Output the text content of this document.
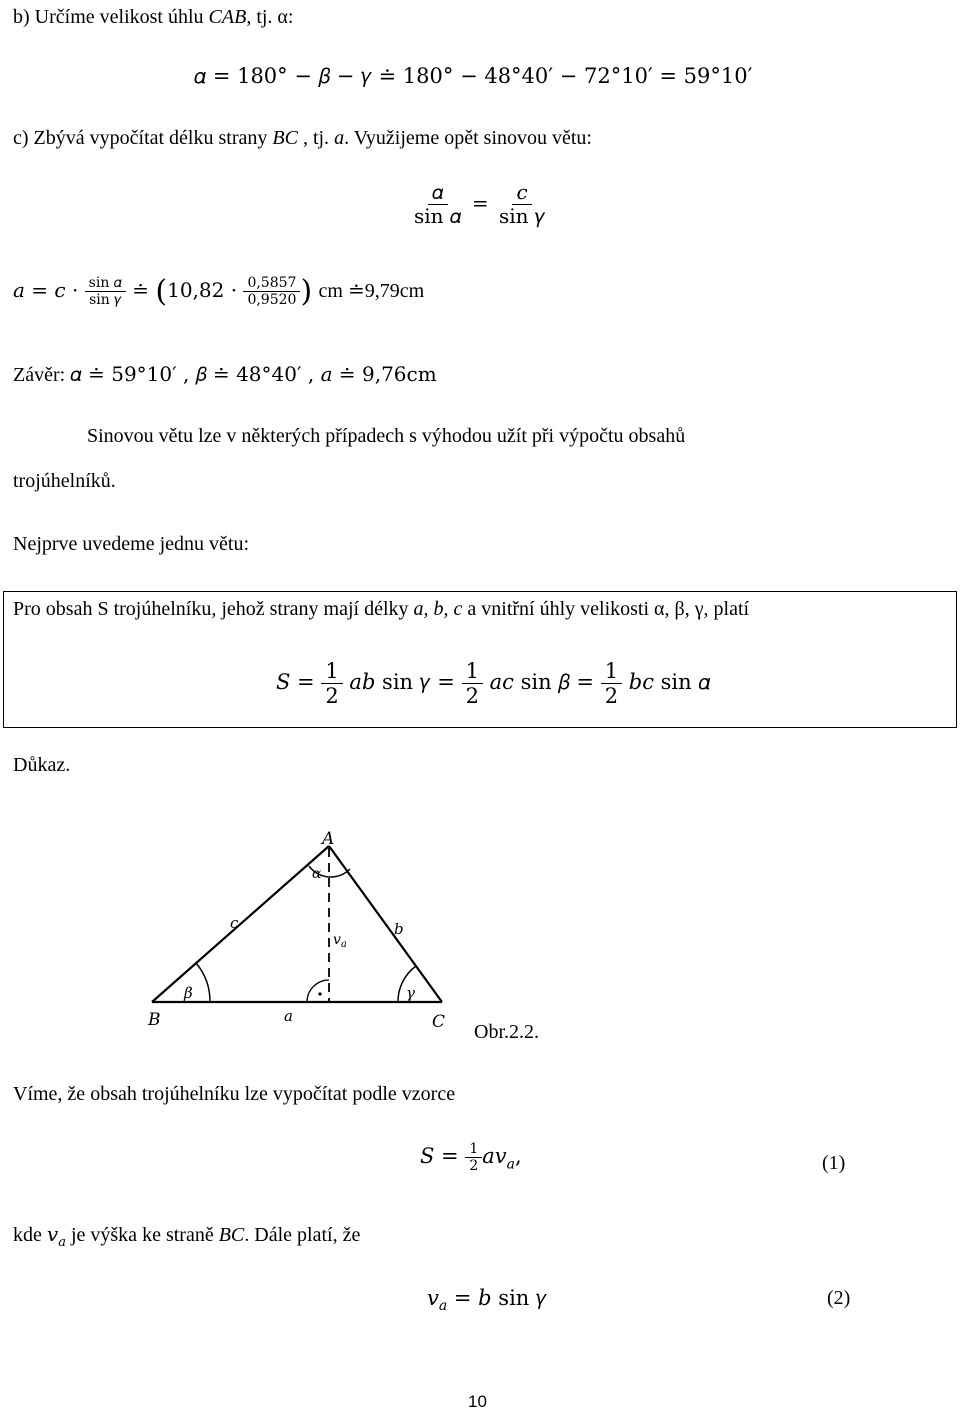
b) Určíme velikost úhlu CAB, tj. α:
𝛼 = 180° − 𝛽 − 𝛾 ≐ 180° − 48°40′ − 72°10′ = 59°10′
c) Zbývá vypočítat délku strany BC , tj. a. Využijeme opět sinovou větu:
$\frac{\text{𝛼}}{\text{sin 𝛼}} = \frac{\text{𝑐}}{\text{sin 𝛾}}$
𝑎 = 𝑐 · $\frac{\text{sin 𝛼}}{\text{sin 𝛾}}$ ≐ ($10,82 \cdot \frac{0,5857}{0,9520}$ ) cm ≐9,79cm
Závěr: 𝛼 ≐ 59°10′ , 𝛽 ≐ 48°40′ , 𝑎 ≐ 9,76cm
Sinovou větu lze v některých případech s výhodou užít při výpočtu obsahů
trojúhelníků.
Nejprve uvedeme jednu větu:
Pro obsah S trojúhelníku, jehož strany mají délky a, b, c a vnitřní úhly velikosti α, β, γ, platí
𝑆 = $\frac{1}{2}$ 𝑎𝑏 sin 𝛾 = $\frac{1}{2}$ 𝑎𝑐 sin 𝛽 = $\frac{1}{2}$ 𝑏𝑐 sin 𝛼
Důkaz.
A
B	C
α
β	γ
a
b
c
$v_a$
Obr.2.2.
Víme, že obsah trojúhelníku lze vypočítat podle vzorce
𝑆 = $\frac{1}{2}$ 𝑎𝑣$_𝑎$,	(1)
kde 𝑣$_𝑎$ je výška ke straně BC. Dále platí, že
𝑣$_𝑎$ = 𝑏 sin 𝛾	(2)
10
